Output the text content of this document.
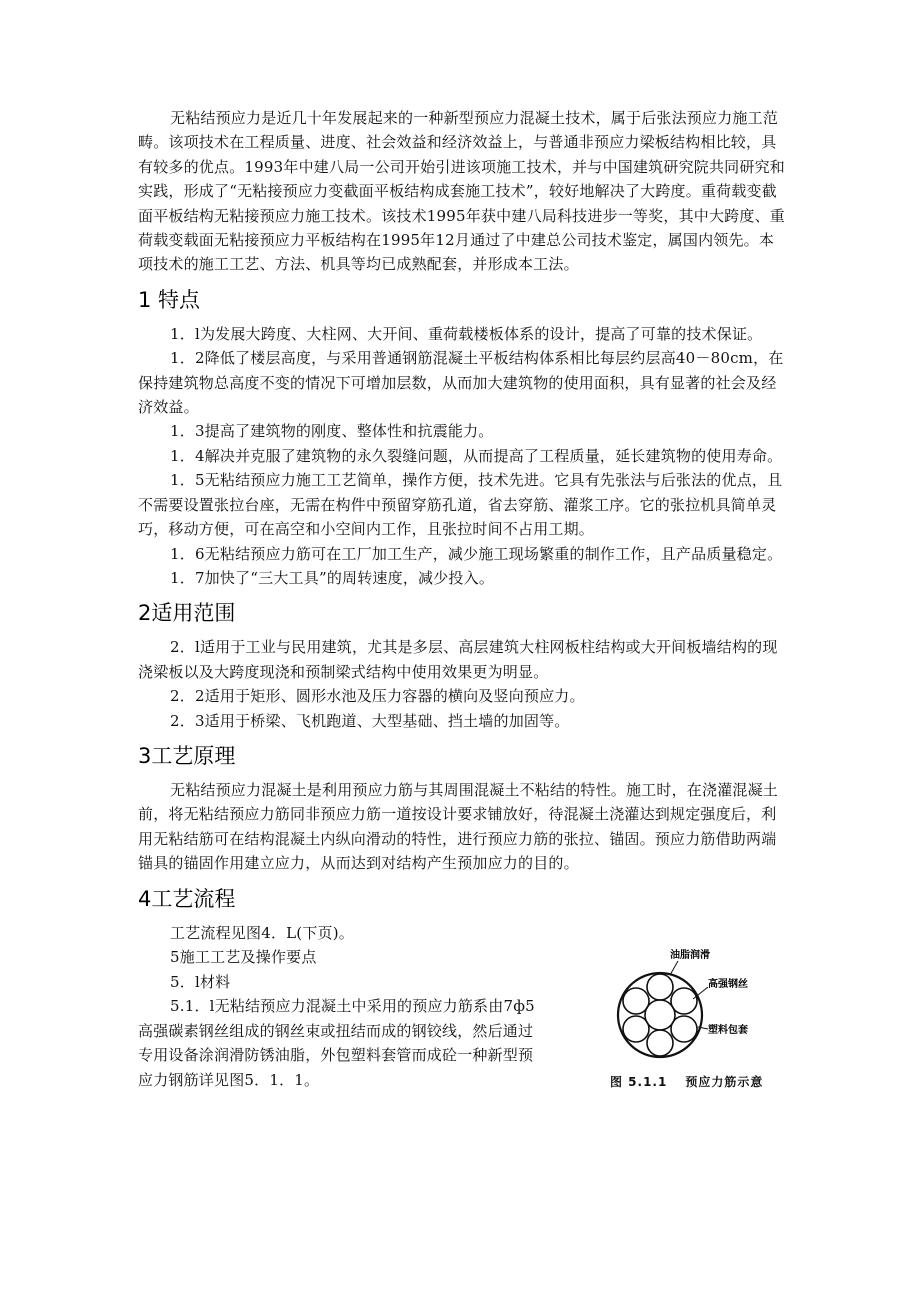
无粘结预应力是近几十年发展起来的一种新型预应力混凝土技术，属于后张法预应力施工范畴。该项技术在工程质量、进度、社会效益和经济效益上，与普通非预应力梁板结构相比较，具有较多的优点。1993年中建八局一公司开始引进该项施工技术，并与中国建筑研究院共同研究和实践，形成了“无粘接预应力变截面平板结构成套施工技术”，较好地解决了大跨度。重荷载变截面平板结构无粘接预应力施工技术。该技术1995年获中建八局科技进步一等奖，其中大跨度、重荷载变载面无粘接预应力平板结构在1995年12月通过了中建总公司技术鉴定，属国内领先。本项技术的施工工艺、方法、机具等均已成熟配套，并形成本工法。

1 特点

1．l为发展大跨度、大柱网、大开间、重荷载楼板体系的设计，提高了可靠的技术保证。

1．2降低了楼层高度，与采用普通钢筋混凝土平板结构体系相比每层约层高40－80cm，在保持建筑物总高度不变的情况下可增加层数，从而加大建筑物的使用面积，具有显著的社会及经济效益。

1．3提高了建筑物的刚度、整体性和抗震能力。

1．4解决并克服了建筑物的永久裂缝问题，从而提高了工程质量，延长建筑物的使用寿命。

1．5无粘结预应力施工工艺简单，操作方便，技术先进。它具有先张法与后张法的优点，且不需要设置张拉台座，无需在构件中预留穿筋孔道，省去穿筋、灌浆工序。它的张拉机具简单灵巧，移动方便，可在高空和小空间内工作，且张拉时间不占用工期。

1．6无粘结预应力筋可在工厂加工生产，减少施工现场繁重的制作工作，且产品质量稳定。

1．7加快了“三大工具”的周转速度，减少投入。

2适用范围

2．l适用于工业与民用建筑，尤其是多层、高层建筑大柱网板柱结构或大开间板墙结构的现浇梁板以及大跨度现浇和预制梁式结构中使用效果更为明显。

2．2适用于矩形、圆形水池及压力容器的横向及竖向预应力。

2．3适用于桥梁、飞机跑道、大型基础、挡土墙的加固等。

3工艺原理

无粘结预应力混凝土是利用预应力筋与其周围混凝土不粘结的特性。施工时，在浇灌混凝土前，将无粘结预应力筋同非预应力筋一道按设计要求铺放好，待混凝土浇灌达到规定强度后，利用无粘结筋可在结构混凝土内纵向滑动的特性，进行预应力筋的张拉、锚固。预应力筋借助两端锚具的锚固作用建立应力，从而达到对结构产生预加应力的目的。

4工艺流程

工艺流程见图4．L(下页)。

5施工工艺及操作要点

5．l材料

5.1．l无粘结预应力混凝土中采用的预应力筋系由7ф5高强碳素钢丝组成的钢丝束或扭结而成的钢铰线，然后通过专用设备涂润滑防锈油脂，外包塑料套管而成砼一种新型预应力钢筋详见图5．1．1。

油脂润滑
高强钢丝
塑料包套
图 5.1.1 预应力筋示意
